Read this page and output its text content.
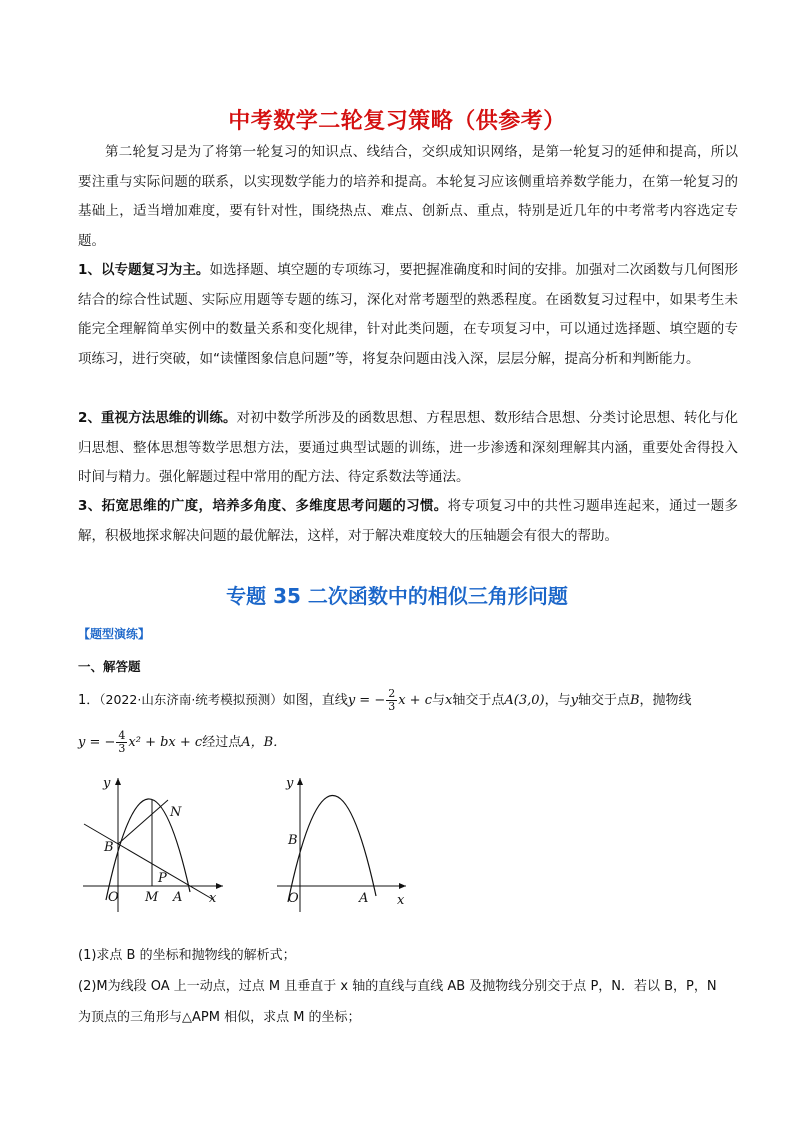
中考数学二轮复习策略（供参考）
第二轮复习是为了将第一轮复习的知识点、线结合，交织成知识网络，是第一轮复习的延伸和提高，所以要注重与实际问题的联系，以实现数学能力的培养和提高。本轮复习应该侧重培养数学能力，在第一轮复习的基础上，适当增加难度，要有针对性，围绕热点、难点、创新点、重点，特别是近几年的中考常考内容选定专题。
1、以专题复习为主。如选择题、填空题的专项练习，要把握准确度和时间的安排。加强对二次函数与几何图形结合的综合性试题、实际应用题等专题的练习，深化对常考题型的熟悉程度。在函数复习过程中，如果考生未能完全理解简单实例中的数量关系和变化规律，针对此类问题，在专项复习中，可以通过选择题、填空题的专项练习，进行突破，如“读懂图象信息问题”等，将复杂问题由浅入深，层层分解，提高分析和判断能力。
2、重视方法思维的训练。对初中数学所涉及的函数思想、方程思想、数形结合思想、分类讨论思想、转化与化归思想、整体思想等数学思想方法，要通过典型试题的训练，进一步渗透和深刻理解其内涵，重要处舍得投入时间与精力。强化解题过程中常用的配方法、待定系数法等通法。
3、拓宽思维的广度，培养多角度、多维度思考问题的习惯。将专项复习中的共性习题串连起来，通过一题多解，积极地探求解决问题的最优解法，这样，对于解决难度较大的压轴题会有很大的帮助。
专题 35 二次函数中的相似三角形问题
【题型演练】
一、解答题
1．（2022·山东济南·统考模拟预测）如图，直线y = − $\frac{2}{3}$ x + c与x轴交于点A(3,0)，与y轴交于点B，抛物线
y = − $\frac{4}{3} x^2$ + bx + c经过点A，B．
y
x
B
N
P
O M A
y
x
B
O	A
(1)求点 B 的坐标和抛物线的解析式；
(2)M为线段 OA 上一动点，过点 M 且垂直于 x 轴的直线与直线 AB 及抛物线分别交于点 P，N．若以 B，P，N
为顶点的三角形与△APM 相似，求点 M 的坐标；
